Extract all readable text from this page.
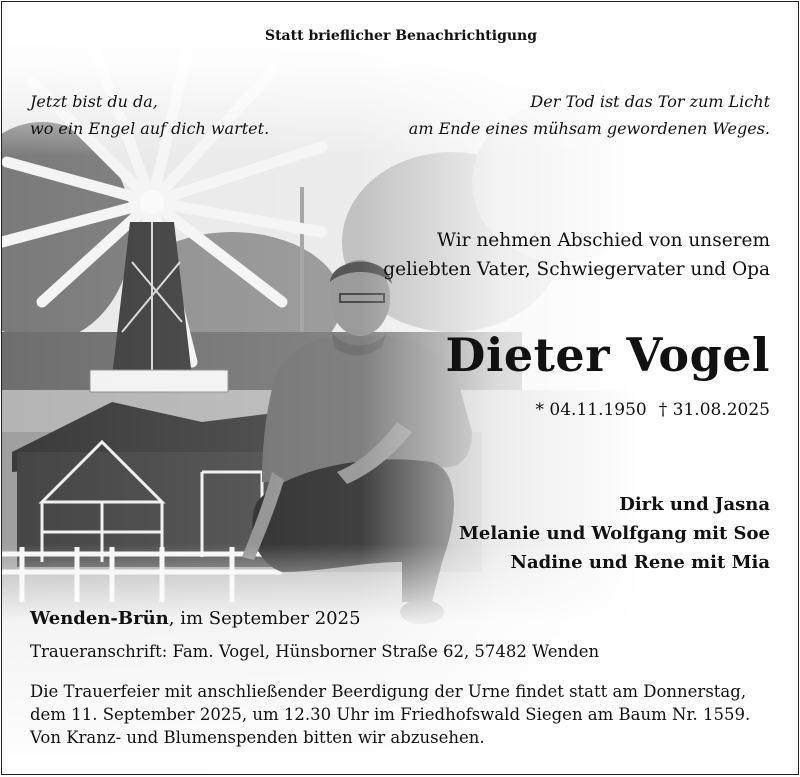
Statt brieflicher Benachrichtigung
Jetzt bist du da,
wo ein Engel auf dich wartet.
Der Tod ist das Tor zum Licht
am Ende eines mühsam gewordenen Weges.
Wir nehmen Abschied von unserem
geliebten Vater, Schwiegervater und Opa
Dieter Vogel
* 04.11.1950 † 31.08.2025
Dirk und Jasna
Melanie und Wolfgang mit Soe
Nadine und Rene mit Mia
Wenden-Brün, im September 2025
Traueranschrift: Fam. Vogel, Hünsborner Straße 62, 57482 Wenden
Die Trauerfeier mit anschließender Beerdigung der Urne findet statt am Donnerstag,
dem 11. September 2025, um 12.30 Uhr im Friedhofswald Siegen am Baum Nr. 1559.
Von Kranz- und Blumenspenden bitten wir abzusehen.
